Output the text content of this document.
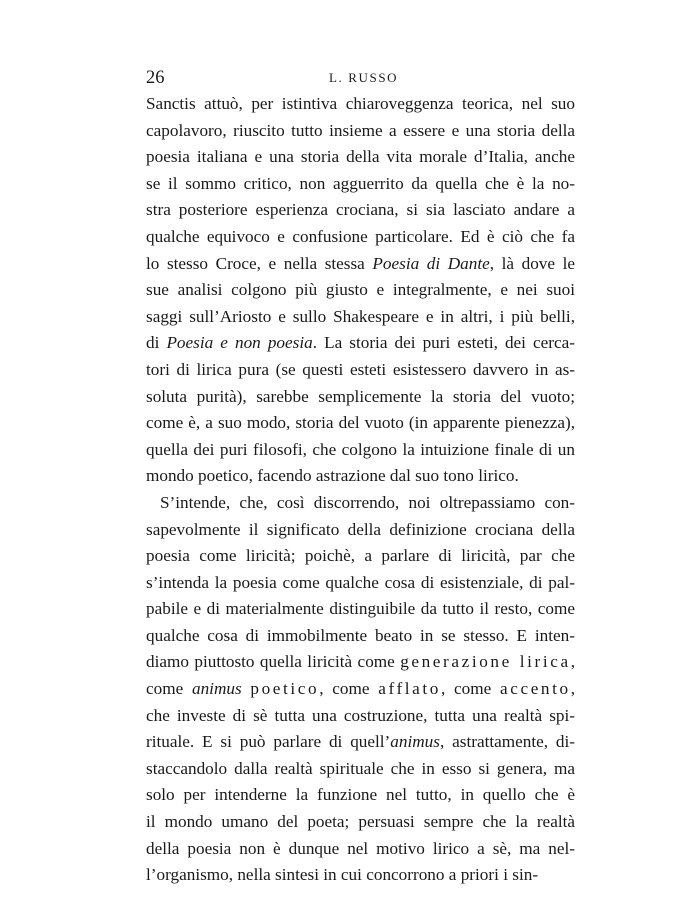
26	L. RUSSO
Sanctis attuò, per istintiva chiaroveggenza teorica, nel suo
capolavoro, riuscito tutto insieme a essere e una storia della
poesia italiana e una storia della vita morale d’Italia, anche
se il sommo critico, non agguerrito da quella che è la no-
stra posteriore esperienza crociana, si sia lasciato andare a
qualche equivoco e confusione particolare. Ed è ciò che fa
lo stesso Croce, e nella stessa Poesia di Dante, là dove le
sue analisi colgono più giusto e integralmente, e nei suoi
saggi sull’Ariosto e sullo Shakespeare e in altri, i più belli,
di Poesia e non poesia. La storia dei puri esteti, dei cerca-
tori di lirica pura (se questi esteti esistessero davvero in as-
soluta purità), sarebbe semplicemente la storia del vuoto;
come è, a suo modo, storia del vuoto (in apparente pienezza),
quella dei puri filosofi, che colgono la intuizione finale di un
mondo poetico, facendo astrazione dal suo tono lirico.
S’intende, che, così discorrendo, noi oltrepassiamo con-
sapevolmente il significato della definizione crociana della
poesia come liricità; poichè, a parlare di liricità, par che
s’intenda la poesia come qualche cosa di esistenziale, di pal-
pabile e di materialmente distinguibile da tutto il resto, come
qualche cosa di immobilmente beato in se stesso. E inten-
diamo piuttosto quella liricità come generazione lirica,
come animus poetico, come afflato, come accento,
che investe di sè tutta una costruzione, tutta una realtà spi-
rituale. E si può parlare di quell’animus, astrattamente, di-
staccandolo dalla realtà spirituale che in esso si genera, ma
solo per intenderne la funzione nel tutto, in quello che è
il mondo umano del poeta; persuasi sempre che la realtà
della poesia non è dunque nel motivo lirico a sè, ma nel-
l’organismo, nella sintesi in cui concorrono a priori i sin-
